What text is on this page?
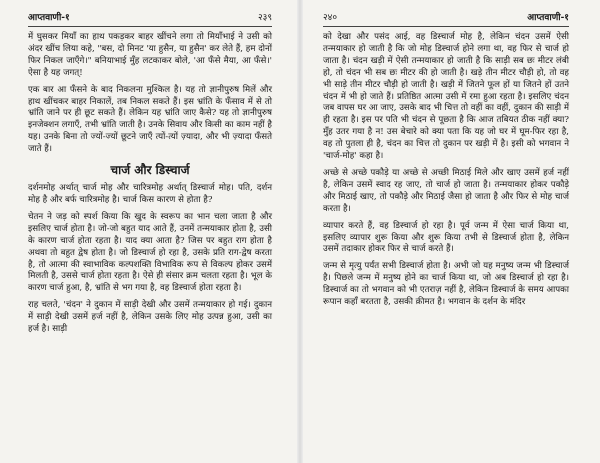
आप्तवाणी-१	२३९

में घुसकर मियाँ का हाथ पकड़कर बाहर खींचने लगा तो मियाँभाई ने उसी को अंदर खींच लिया कहे, "बस, दो मिनट 'या हुसैन, या हुसैन' कर लेते हैं, हम दोनों फिर निकल जाएँगे।" बनियाभाई मुँह लटकाकर बोले, 'आ फँसे मैया, आ फँसे।' ऐसा है यह जगत्!

एक बार आ फँसने के बाद निकलना मुश्किल है। यह तो ज्ञानीपुरुष मिलें और हाथ खींचकर बाहर निकालें, तब निकल सकते हैं। इस भ्रांति के फँसाव में से तो भ्रांति जाने पर ही छूट सकते हैं। लेकिन यह भ्रांति जाए कैसे? यह तो ज्ञानीपुरुष इनजेक्शन लगाएँ, तभी भ्रांति जाती है। उनके सिवाय और किसी का काम नहीं है यह। उनके बिना तो ज्यों-ज्यों छूटने जाएँ त्यों-त्यों ज़्यादा, और भी ज़्यादा फँसते जाते हैं।

चार्ज और डिस्चार्ज

दर्शनमोह अर्थात् चार्ज मोह और चारित्रमोह अर्थात् डिस्चार्ज मोह। पति, दर्शन मोह है और बर्फ चारित्रमोह है। चार्ज किस कारण से होता है?

चेतन ने जड़ को स्पर्श किया कि खुद के स्वरूप का भान चला जाता है और इसलिए चार्ज होता है। जो-जो बहुत याद आते हैं, उनमें तन्मयाकार होता है, उसी के कारण चार्ज होता रहता है। याद क्या आता है? जिस पर बहुत राग होता है अथवा तो बहुत द्वेष होता है। जो डिस्चार्ज हो रहा है, उसके प्रति राग-द्वेष करता है, तो आत्मा की स्वाभाविक कल्पशक्ति विभाविक रूप से विकल्प होकर उसमें मिलती है, उससे चार्ज होता रहता है। ऐसे ही संसार क्रम चलता रहता है। भूल के कारण चार्ज हुआ, है, भ्रांति से भग गया है, वह डिस्चार्ज होता रहता है।

राह चलते, 'चंदन' ने दुकान में साड़ी देखी और उसमें तन्मयाकार हो गई। दुकान में साड़ी देखी उसमें हर्ज नहीं है, लेकिन उसके लिए मोह उत्पन्न हुआ, उसी का हर्ज है। साड़ी

२४०	आप्तवाणी-१

को देखा और पसंद आई, वह डिस्चार्ज मोह है, लेकिन चंदन उसमें ऐसी तन्मयाकार हो जाती है कि जो मोह डिस्चार्ज होने लगा था, वह फिर से चार्ज हो जाता है। चंदन खड़ी में ऐसी तन्मयाकार हो जाती है कि साड़ी सब छः मीटर लंबी हो, तो चंदन भी सब छः मीटर की हो जाती है। खड़े तीन मीटर चौड़ी हो, तो वह भी साड़े तीन मीटर चौड़ी हो जाती है। खड़ी में जितने फूल हों या जितने हों उतने चंदन में भी हो जाते हैं। प्रतिष्ठित आत्मा उसी में रमा हुआ रहता है। इसलिए चंदन जब वापस घर आ जाए, उसके बाद भी चित्त तो वहीं का वहीं, दुकान की साड़ी में ही रहता है। इस पर पति भी चंदन से पूछता है कि आज तबियत ठीक नहीं क्या? मुँह उतर गया है न! उस बेचारे को क्या पता कि यह जो घर में घूम-फिर रहा है, वह तो पुतला ही है, चंदन का चित्त तो दुकान पर खड़ी में है। इसी को भगवान ने 'चार्ज-मोह' कहा है।

अच्छे से अच्छे पकौड़े या अच्छे से अच्छी मिठाई मिले और खाए उसमें हर्ज नहीं है, लेकिन उसमें स्वाद रह जाए, तो चार्ज हो जाता है। तन्मयाकार होकर पकौड़े और मिठाई खाए, तो पकौड़े और मिठाई जैसा हो जाता है और फिर से मोह चार्ज करता है।

व्यापार करते हैं, वह डिस्चार्ज हो रहा है। पूर्व जन्म में ऐसा चार्ज किया था, इसलिए व्यापार शुरू किया और शुरू किया तभी से डिस्चार्ज होता है, लेकिन उसमें तदाकार होकर फिर से चार्ज करते हैं।

जन्म से मृत्यु पर्यंत सभी डिस्चार्ज होता है। अभी जो यह मनुष्य जन्म भी डिस्चार्ज है। पिछले जन्म में मनुष्य होने का चार्ज किया था, जो अब डिस्चार्ज हो रहा है। डिस्चार्ज का तो भगवान को भी एतराज़ नहीं है, लेकिन डिस्चार्ज के समय आपका रूपान कहाँ बरतता है, उसकी क़ीमत है। भगवान के दर्शन के मंदिर
